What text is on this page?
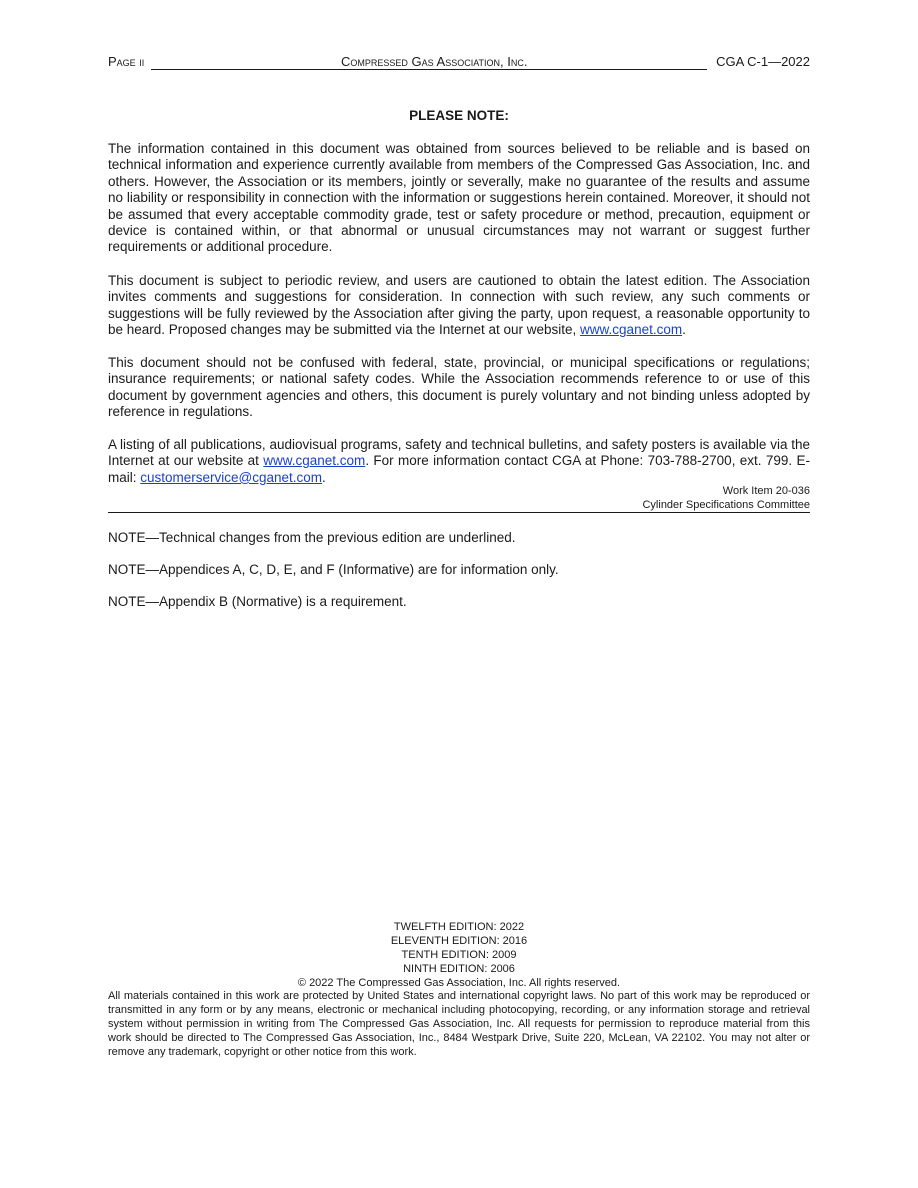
Page ii	Compressed Gas Association, Inc.	CGA C-1—2022
PLEASE NOTE:

The information contained in this document was obtained from sources believed to be reliable and is based on technical information and experience currently available from members of the Compressed Gas Association, Inc. and others. However, the Association or its members, jointly or severally, make no guarantee of the results and assume no liability or responsibility in connection with the information or suggestions herein contained. Moreover, it should not be assumed that every acceptable commodity grade, test or safety procedure or method, precaution, equipment or device is contained within, or that abnormal or unusual circumstances may not warrant or suggest further requirements or additional procedure.

This document is subject to periodic review, and users are cautioned to obtain the latest edition. The Association invites comments and suggestions for consideration. In connection with such review, any such comments or suggestions will be fully reviewed by the Association after giving the party, upon request, a reasonable opportunity to be heard. Proposed changes may be submitted via the Internet at our website, www.cganet.com.

This document should not be confused with federal, state, provincial, or municipal specifications or regulations; insurance requirements; or national safety codes. While the Association recommends reference to or use of this document by government agencies and others, this document is purely voluntary and not binding unless adopted by reference in regulations.

A listing of all publications, audiovisual programs, safety and technical bulletins, and safety posters is available via the Internet at our website at www.cganet.com. For more information contact CGA at Phone: 703-788-2700, ext. 799. E-mail: customerservice@cganet.com.

Work Item 20-036
Cylinder Specifications Committee
NOTE—Technical changes from the previous edition are underlined.
NOTE—Appendices A, C, D, E, and F (Informative) are for information only.
NOTE—Appendix B (Normative) is a requirement.
TWELFTH EDITION: 2022
ELEVENTH EDITION: 2016
TENTH EDITION: 2009
NINTH EDITION: 2006
© 2022 The Compressed Gas Association, Inc. All rights reserved.

All materials contained in this work are protected by United States and international copyright laws. No part of this work may be reproduced or transmitted in any form or by any means, electronic or mechanical including photocopying, recording, or any information storage and retrieval system without permission in writing from The Compressed Gas Association, Inc. All requests for permission to reproduce material from this work should be directed to The Compressed Gas Association, Inc., 8484 Westpark Drive, Suite 220, McLean, VA 22102. You may not alter or remove any trademark, copyright or other notice from this work.
